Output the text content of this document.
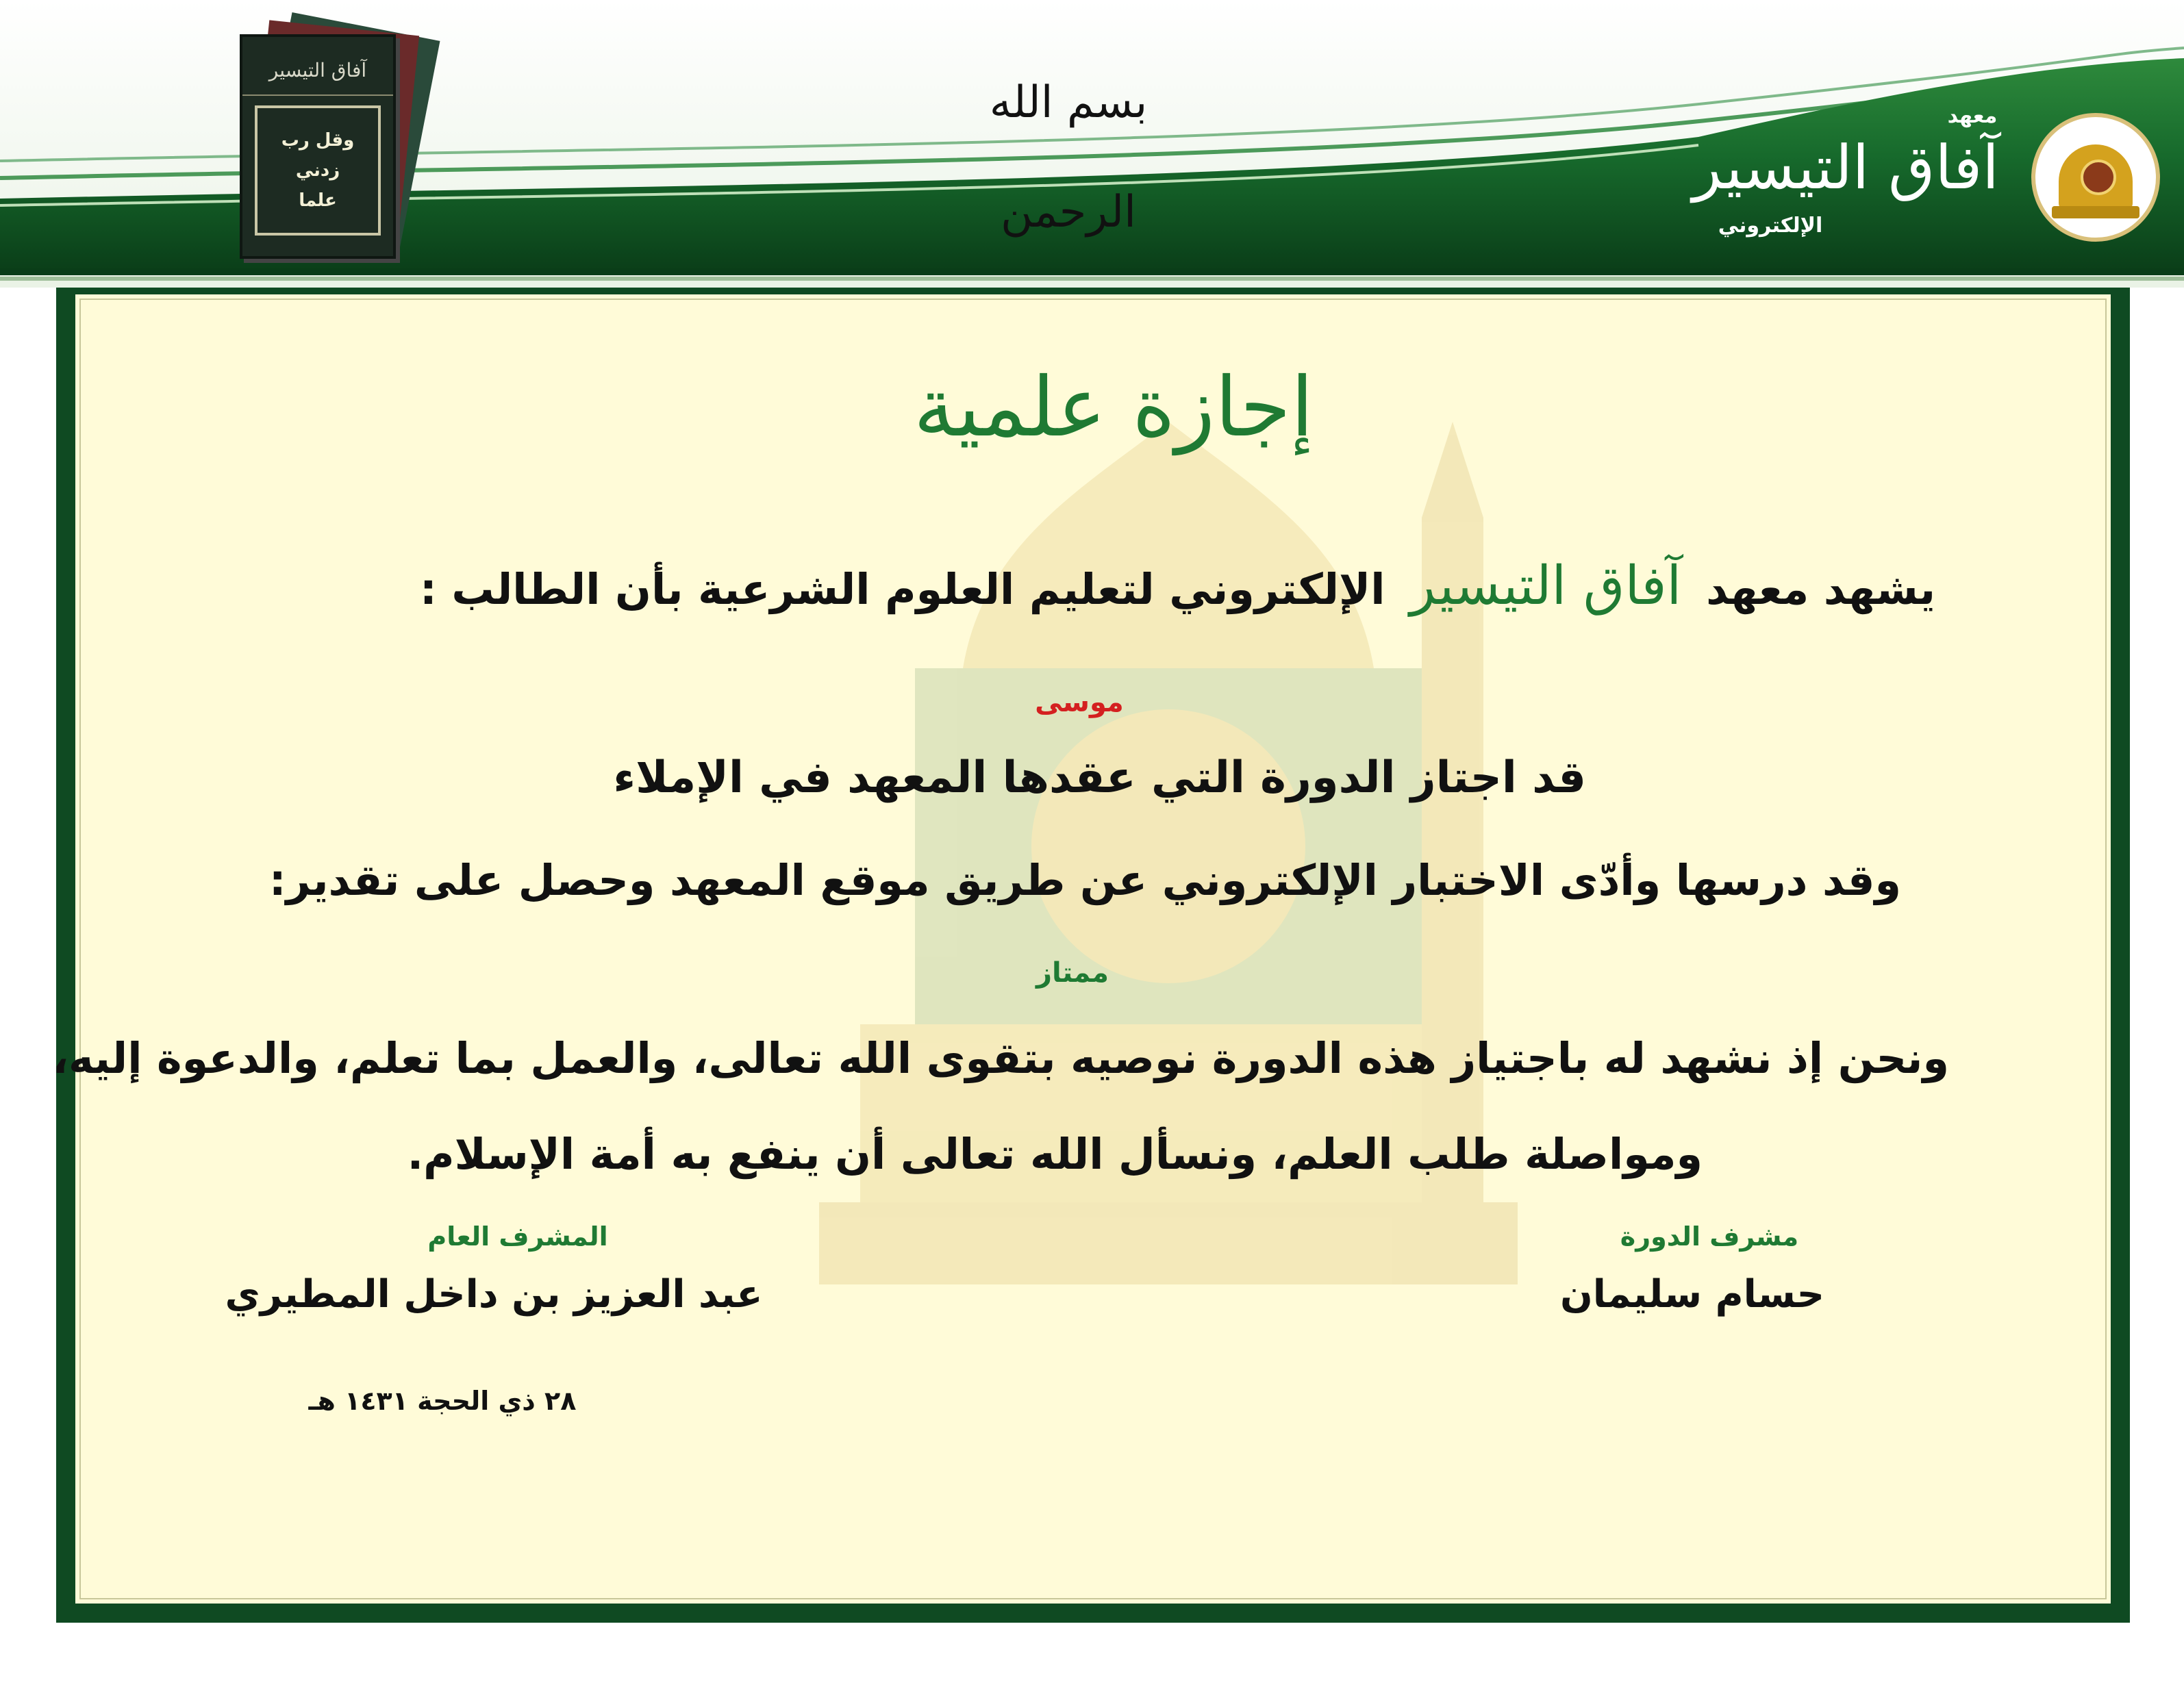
بسم الله الرحمن
آفاق التيسير
وقل رب
زدني
علما
معهد
آفاق التيسير
الإلكتروني
إجازة علمية
يشهد معهدآفاق التيسيرالإلكتروني لتعليم العلوم الشرعية بأن الطالب :
موسى
قد اجتاز الدورة التي عقدها المعهد في الإملاء
وقد درسها وأدّى الاختبار الإلكتروني عن طريق موقع المعهد وحصل على تقدير:
ممتاز
ونحن إذ نشهد له باجتياز هذه الدورة نوصيه بتقوى الله تعالى، والعمل بما تعلم، والدعوة إليه،
ومواصلة طلب العلم، ونسأل الله تعالى أن ينفع به أمة الإسلام.
مشرف الدورة
حسام سليمان
المشرف العام
عبد العزيز بن داخل المطيري
٢٨ ذي الحجة ١٤٣١ هـ
